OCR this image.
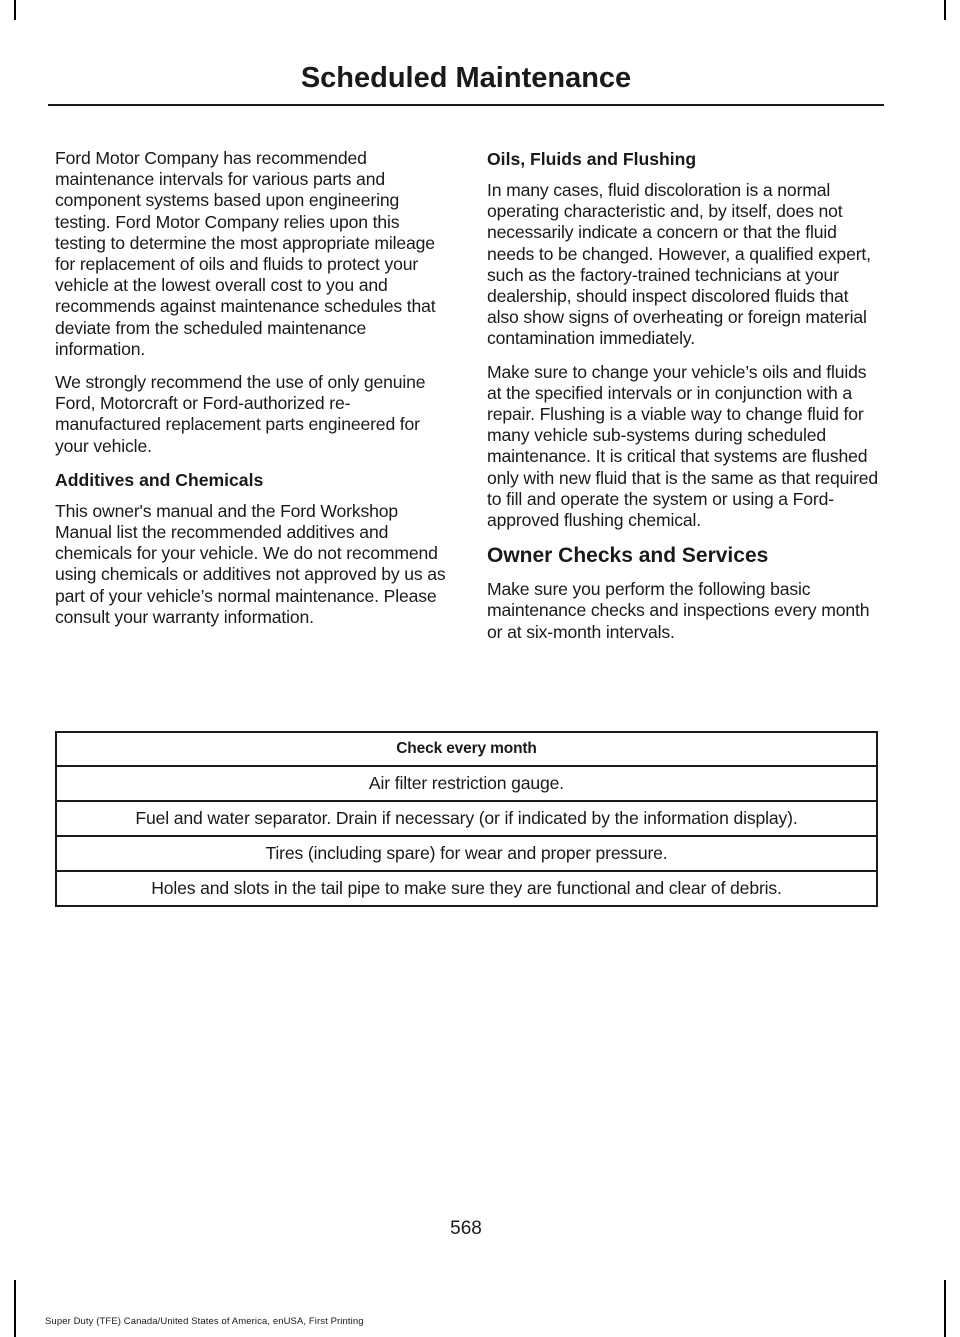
Scheduled Maintenance

Ford Motor Company has recommended maintenance intervals for various parts and component systems based upon engineering testing. Ford Motor Company relies upon this testing to determine the most appropriate mileage for replacement of oils and fluids to protect your vehicle at the lowest overall cost to you and recommends against maintenance schedules that deviate from the scheduled maintenance information.

We strongly recommend the use of only genuine Ford, Motorcraft or Ford-authorized re-manufactured replacement parts engineered for your vehicle.

Additives and Chemicals

This owner's manual and the Ford Workshop Manual list the recommended additives and chemicals for your vehicle. We do not recommend using chemicals or additives not approved by us as part of your vehicle’s normal maintenance. Please consult your warranty information.

Oils, Fluids and Flushing

In many cases, fluid discoloration is a normal operating characteristic and, by itself, does not necessarily indicate a concern or that the fluid needs to be changed. However, a qualified expert, such as the factory-trained technicians at your dealership, should inspect discolored fluids that also show signs of overheating or foreign material contamination immediately.

Make sure to change your vehicle’s oils and fluids at the specified intervals or in conjunction with a repair. Flushing is a viable way to change fluid for many vehicle sub-systems during scheduled maintenance. It is critical that systems are flushed only with new fluid that is the same as that required to fill and operate the system or using a Ford-approved flushing chemical.

Owner Checks and Services

Make sure you perform the following basic maintenance checks and inspections every month or at six-month intervals.

Check every month
Air filter restriction gauge.
Fuel and water separator. Drain if necessary (or if indicated by the information display).
Tires (including spare) for wear and proper pressure.
Holes and slots in the tail pipe to make sure they are functional and clear of debris.
568
Super Duty (TFE) Canada/United States of America, enUSA, First Printing
